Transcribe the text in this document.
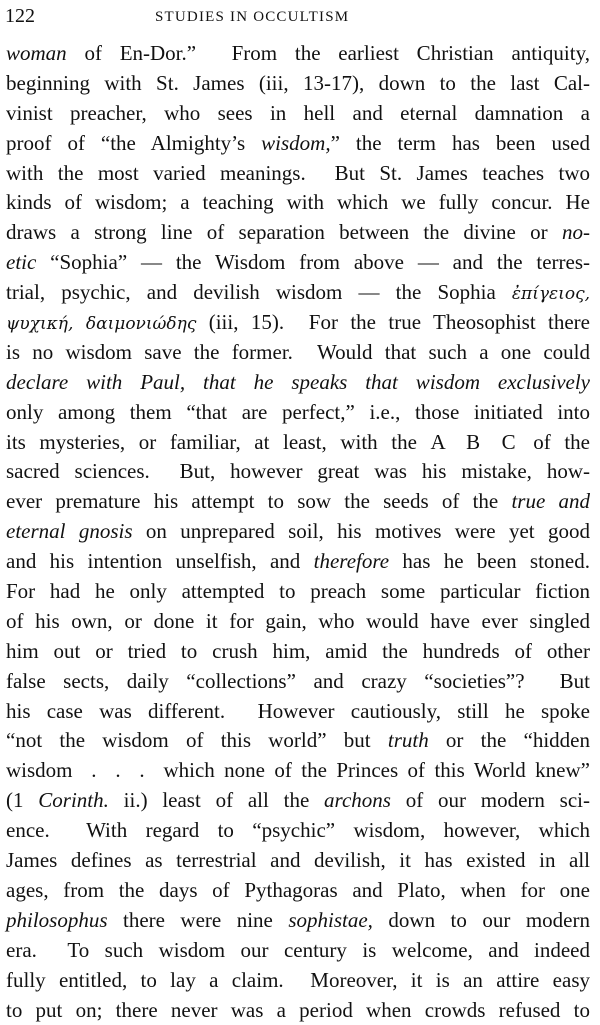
122	STUDIES IN OCCULTISM
woman of En-Dor.”  From the earliest Christian antiquity,
beginning with St. James (iii, 13-17), down to the last Cal-
vinist preacher, who sees in hell and eternal damnation a
proof of “the Almighty’s wisdom,” the term has been used
with the most varied meanings.  But St. James teaches two
kinds of wisdom; a teaching with which we fully concur. He
draws a strong line of separation between the divine or no-
etic “Sophia” — the Wisdom from above — and the terres-
trial, psychic, and devilish wisdom — the Sophia ἐπίγειος,
ψυχική, δαιμονιώδης (iii, 15).  For the true Theosophist there
is no wisdom save the former.  Would that such a one could
declare with Paul, that he speaks that wisdom exclusively
only among them “that are perfect,” i.e., those initiated into
its mysteries, or familiar, at least, with the A B C of the
sacred sciences.  But, however great was his mistake, how-
ever premature his attempt to sow the seeds of the true and
eternal gnosis on unprepared soil, his motives were yet good
and his intention unselfish, and therefore has he been stoned.
For had he only attempted to preach some particular fiction
of his own, or done it for gain, who would have ever singled
him out or tried to crush him, amid the hundreds of other
false sects, daily “collections” and crazy “societies”?  But
his case was different.  However cautiously, still he spoke
“not the wisdom of this world” but truth or the “hidden
wisdom  .  .  .  which none of the Princes of this World knew”
(1 Corinth. ii.) least of all the archons of our modern sci-
ence.  With regard to “psychic” wisdom, however, which
James defines as terrestrial and devilish, it has existed in all
ages, from the days of Pythagoras and Plato, when for one
philosophus there were nine sophistae, down to our modern
era.  To such wisdom our century is welcome, and indeed
fully entitled, to lay a claim.  Moreover, it is an attire easy
to put on; there never was a period when crowds refused to
